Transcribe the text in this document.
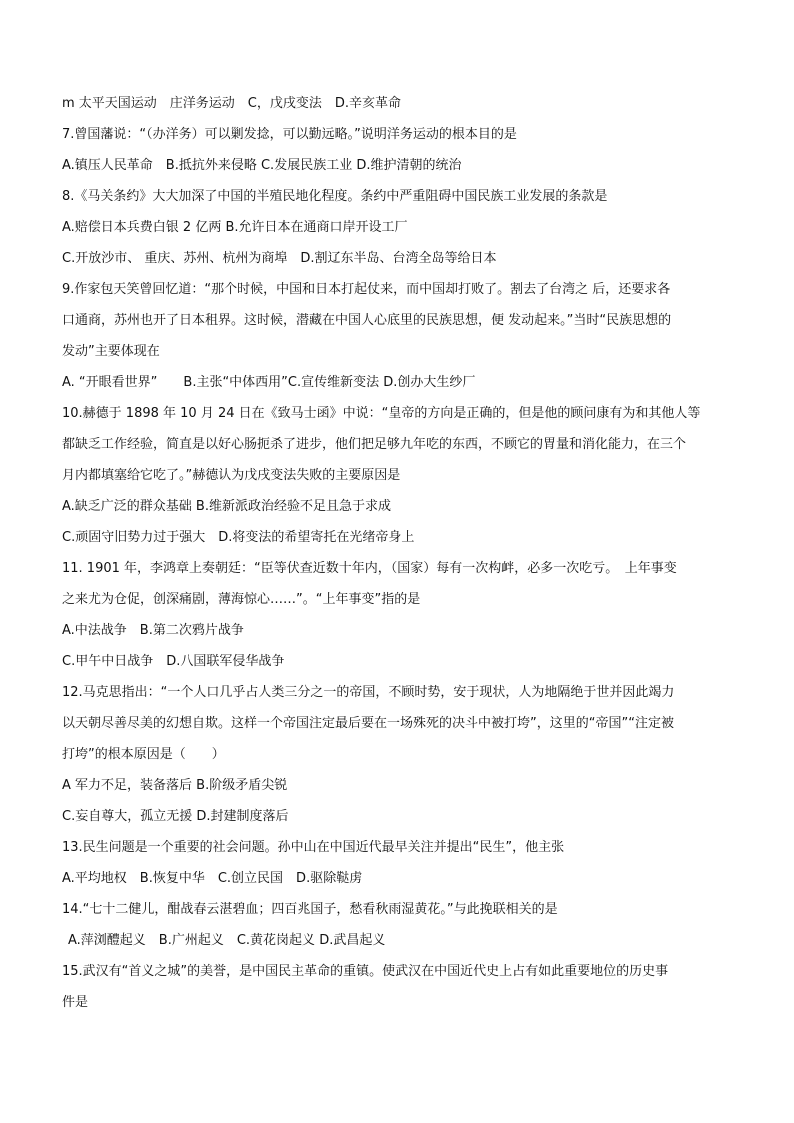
m 太平天国运动　庄洋务运动　C，戊戌变法　D.辛亥革命
7.曾国藩说：“（办洋务）可以剿发捻，可以勤远略。”说明洋务运动的根本目的是
A.镇压人民革命　B.抵抗外来侵略 C.发展民族工业 D.维护清朝的统治
8.《马关条约》大大加深了中国的半殖民地化程度。条约中严重阻碍中国民族工业发展的条款是
A.赔偿日本兵费白银 2 亿两 B.允许日本在通商口岸开设工厂
C.开放沙市、 重庆、苏州、杭州为商埠　D.割辽东半岛、台湾全岛等给日本
9.作家包天笑曾回忆道：“那个时候，中国和日本打起仗来，而中国却打败了。割去了台湾之 后，还要求各
口通商，苏州也开了日本租界。这时候，潜藏在中国人心底里的民族思想，便 发动起来。”当时“民族思想的
发动”主要体现在
A. “开眼看世界”　　B.主张“中体西用”C.宣传维新变法 D.创办大生纱厂
10.赫德于 1898 年 10 月 24 日在《致马士函》中说：“皇帝的方向是正确的，但是他的顾问康有为和其他人等
都缺乏工作经验，简直是以好心肠扼杀了进步，他们把足够九年吃的东西，不顾它的胃量和消化能力，在三个
月内都填塞给它吃了。”赫德认为戊戌变法失败的主要原因是
A.缺乏广泛的群众基础 B.维新派政治经验不足且急于求成
C.顽固守旧势力过于强大　D.将变法的希望寄托在光绪帝身上
11. 1901 年，李鸿章上奏朝廷：“臣等伏查近数十年内，（国家）每有一次构衅，必多一次吃亏。　上年事变
之来尤为仓促，创深痛剧，薄海惊心……”。“上年事变”指的是
A.中法战争　B.第二次鸦片战争
C.甲午中日战争　D.八国联军侵华战争
12.马克思指出：“一个人口几乎占人类三分之一的帝国，不顾时势，安于现状，人为地隔绝于世并因此竭力
以天朝尽善尽美的幻想自欺。这样一个帝国注定最后要在一场殊死的决斗中被打垮”，这里的“帝国”“注定被
打垮”的根本原因是（　　）
A 军力不足，装备落后 B.阶级矛盾尖锐
C.妄自尊大，孤立无援 D.封建制度落后
13.民生问题是一个重要的社会问题。孙中山在中国近代最早关注并提出“民生”，他主张
A.平均地权　B.恢复中华　C.创立民国　D.驱除鞑虏
14.“七十二健儿，酣战春云湛碧血；四百兆国子，愁看秋雨湿黄花。”与此挽联相关的是
A.萍浏醴起义　B.广州起义　C.黄花岗起义 D.武昌起义
15.武汉有“首义之城”的美誉，是中国民主革命的重镇。使武汉在中国近代史上占有如此重要地位的历史事
件是
